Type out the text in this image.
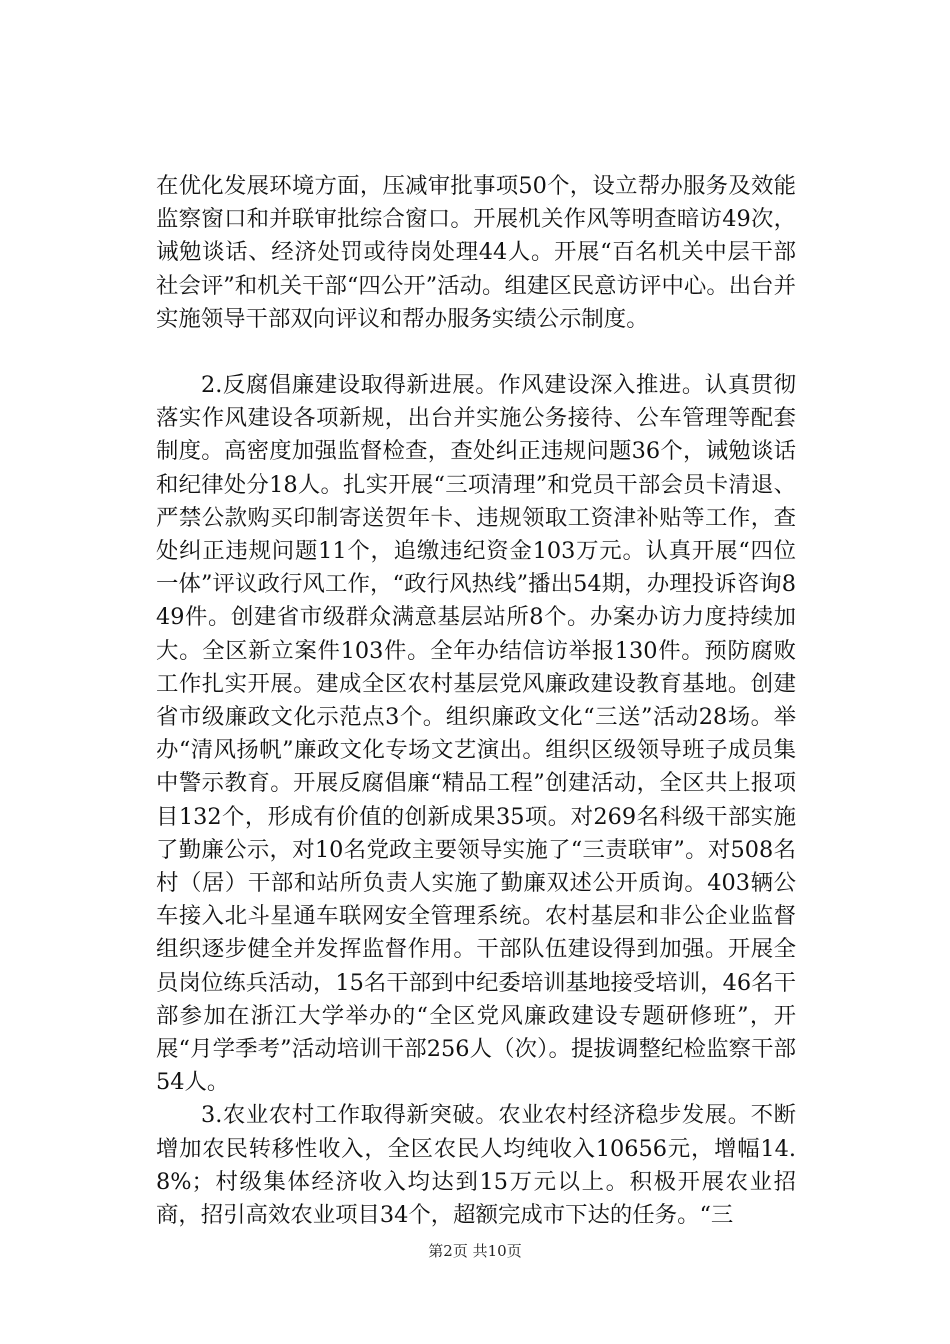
在优化发展环境方面，压减审批事项50个，设立帮办服务及效能监察窗口和并联审批综合窗口。开展机关作风等明查暗访49次，诫勉谈话、经济处罚或待岗处理44人。开展“百名机关中层干部社会评”和机关干部“四公开”活动。组建区民意访评中心。出台并实施领导干部双向评议和帮办服务实绩公示制度。

2.反腐倡廉建设取得新进展。作风建设深入推进。认真贯彻落实作风建设各项新规，出台并实施公务接待、公车管理等配套制度。高密度加强监督检查，查处纠正违规问题36个，诫勉谈话和纪律处分18人。扎实开展“三项清理”和党员干部会员卡清退、严禁公款购买印制寄送贺年卡、违规领取工资津补贴等工作，查处纠正违规问题11个，追缴违纪资金103万元。认真开展“四位一体”评议政行风工作，“政行风热线”播出54期，办理投诉咨询849件。创建省市级群众满意基层站所8个。办案办访力度持续加大。全区新立案件103件。全年办结信访举报130件。预防腐败工作扎实开展。建成全区农村基层党风廉政建设教育基地。创建省市级廉政文化示范点3个。组织廉政文化“三送”活动28场。举办“清风扬帆”廉政文化专场文艺演出。组织区级领导班子成员集中警示教育。开展反腐倡廉“精品工程”创建活动，全区共上报项目132个，形成有价值的创新成果35项。对269名科级干部实施了勤廉公示，对10名党政主要领导实施了“三责联审”。对508名村（居）干部和站所负责人实施了勤廉双述公开质询。403辆公车接入北斗星通车联网安全管理系统。农村基层和非公企业监督组织逐步健全并发挥监督作用。干部队伍建设得到加强。开展全员岗位练兵活动，15名干部到中纪委培训基地接受培训，46名干部参加在浙江大学举办的“全区党风廉政建设专题研修班”，开展“月学季考”活动培训干部256人（次）。提拔调整纪检监察干部54人。

3.农业农村工作取得新突破。农业农村经济稳步发展。不断增加农民转移性收入，全区农民人均纯收入10656元，增幅14.8%；村级集体经济收入均达到15万元以上。积极开展农业招商，招引高效农业项目34个，超额完成市下达的任务。“三

第2页 共10页
